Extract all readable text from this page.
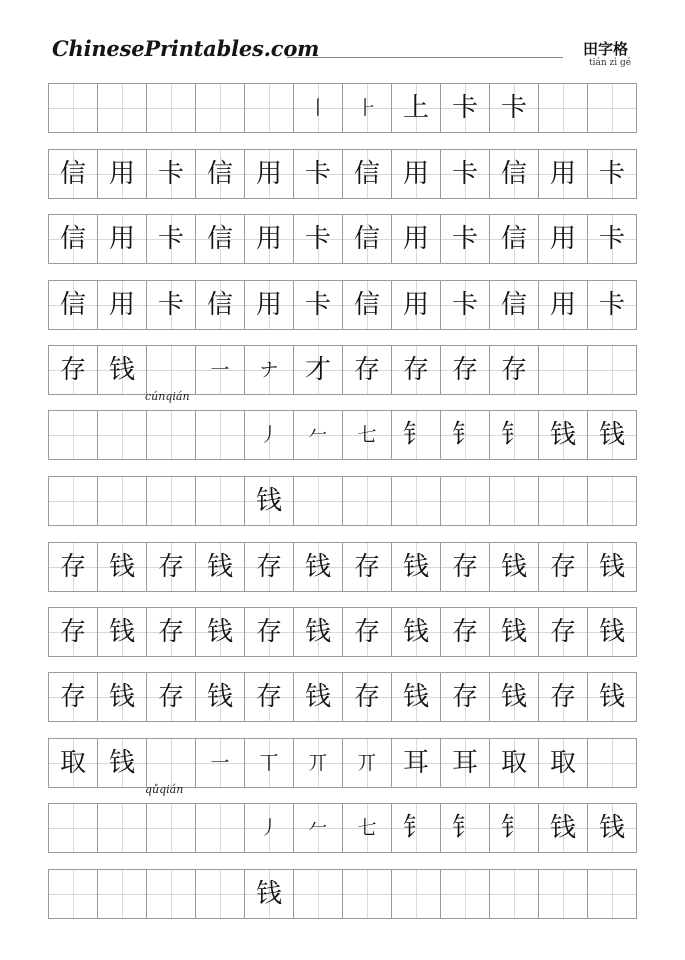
ChinesePrintables.com	田字格
tián zì gé
丨 ⺊ 上 卡 卡
信 用 卡 信 用 卡 信 用 卡 信 用 卡
信 用 卡 信 用 卡 信 用 卡 信 用 卡
信 用 卡 信 用 卡 信 用 卡 信 用 卡
存 钱
cúnqián
一 ナ 才 存 存 存 存
丿 𠂉 七 钅 钅 钅 钱 钱
钱
存 钱 存 钱 存 钱 存 钱 存 钱 存 钱
存 钱 存 钱 存 钱 存 钱 存 钱 存 钱
存 钱 存 钱 存 钱 存 钱 存 钱 存 钱
取 钱
qǔqián
一 丅 丌 丌 耳 耳 取 取
丿 𠂉 七 钅 钅 钅 钱 钱
钱
